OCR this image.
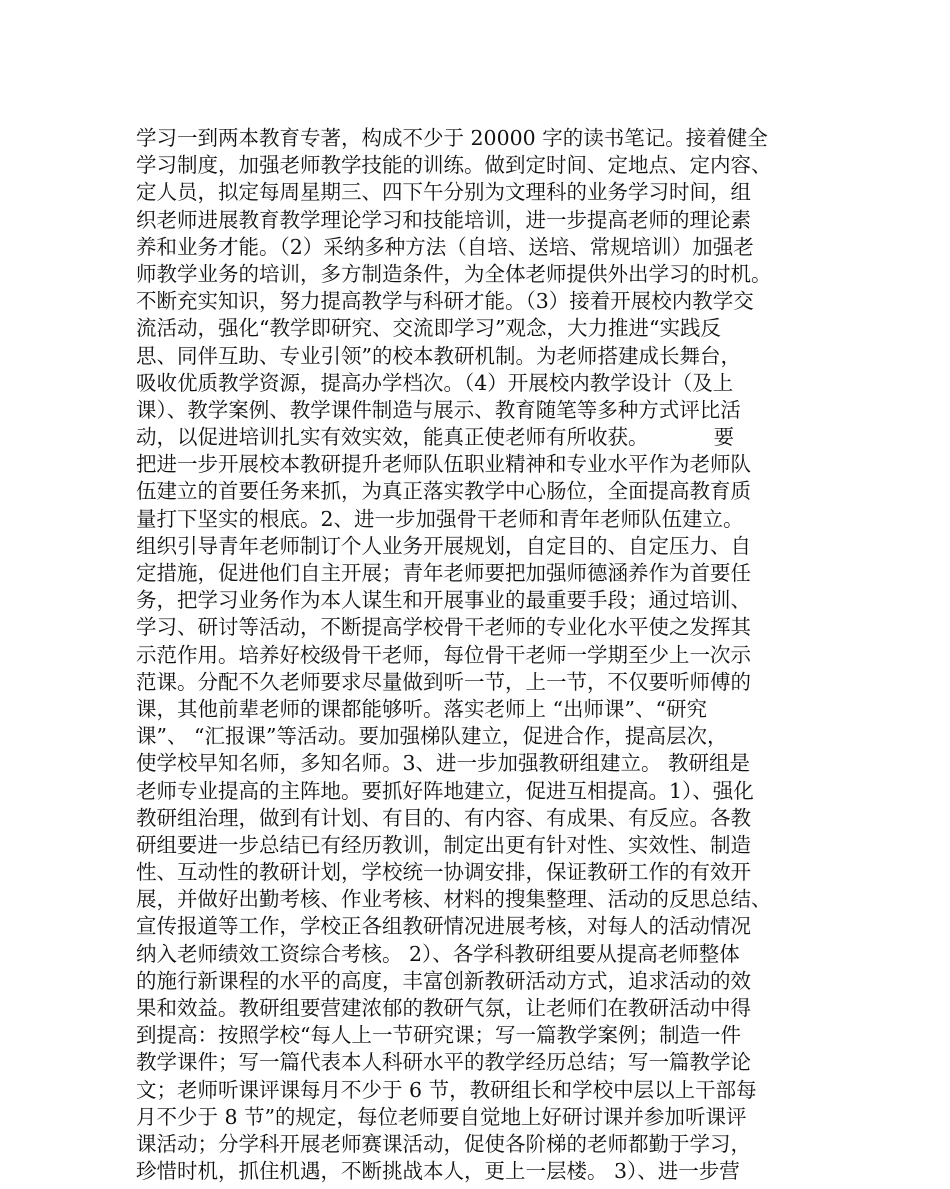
学习一到两本教育专著，构成不少于 20000 字的读书笔记。接着健全
学习制度，加强老师教学技能的训练。做到定时间、定地点、定内容、
定人员，拟定每周星期三、四下午分别为文理科的业务学习时间，组
织老师进展教育教学理论学习和技能培训，进一步提高老师的理论素
养和业务才能。（2）采纳多种方法（自培、送培、常规培训）加强老
师教学业务的培训，多方制造条件，为全体老师提供外出学习的时机。
不断充实知识，努力提高教学与科研才能。（3）接着开展校内教学交
流活动，强化“教学即研究、交流即学习”观念，大力推进“实践反
思、同伴互助、专业引领”的校本教研机制。为老师搭建成长舞台，
吸收优质教学资源，提高办学档次。（4）开展校内教学设计（及上
课）、教学案例、教学课件制造与展示、教育随笔等多种方式评比活
动，以促进培训扎实有效实效，能真正使老师有所收获。          要
把进一步开展校本教研提升老师队伍职业精神和专业水平作为老师队
伍建立的首要任务来抓，为真正落实教学中心肠位，全面提高教育质
量打下坚实的根底。2、进一步加强骨干老师和青年老师队伍建立。
组织引导青年老师制订个人业务开展规划，自定目的、自定压力、自
定措施，促进他们自主开展；青年老师要把加强师德涵养作为首要任
务，把学习业务作为本人谋生和开展事业的最重要手段；通过培训、
学习、研讨等活动，不断提高学校骨干老师的专业化水平使之发挥其
示范作用。培养好校级骨干老师，每位骨干老师一学期至少上一次示
范课。分配不久老师要求尽量做到听一节，上一节，不仅要听师傅的
课，其他前辈老师的课都能够听。落实老师上 “出师课”、“研究
课”、 “汇报课”等活动。要加强梯队建立，促进合作，提高层次，
使学校早知名师，多知名师。3、进一步加强教研组建立。 教研组是
老师专业提高的主阵地。要抓好阵地建立，促进互相提高。1）、强化
教研组治理，做到有计划、有目的、有内容、有成果、有反应。各教
研组要进一步总结已有经历教训，制定出更有针对性、实效性、制造
性、互动性的教研计划，学校统一协调安排，保证教研工作的有效开
展，并做好出勤考核、作业考核、材料的搜集整理、活动的反思总结、
宣传报道等工作，学校正各组教研情况进展考核，对每人的活动情况
纳入老师绩效工资综合考核。 2）、各学科教研组要从提高老师整体
的施行新课程的水平的高度，丰富创新教研活动方式，追求活动的效
果和效益。教研组要营建浓郁的教研气氛，让老师们在教研活动中得
到提高：按照学校“每人上一节研究课；写一篇教学案例；制造一件
教学课件；写一篇代表本人科研水平的教学经历总结；写一篇教学论
文；老师听课评课每月不少于 6 节，教研组长和学校中层以上干部每
月不少于 8 节”的规定，每位老师要自觉地上好研讨课并参加听课评
课活动；分学科开展老师赛课活动，促使各阶梯的老师都勤于学习，
珍惜时机，抓住机遇，不断挑战本人，更上一层楼。 3）、进一步营
